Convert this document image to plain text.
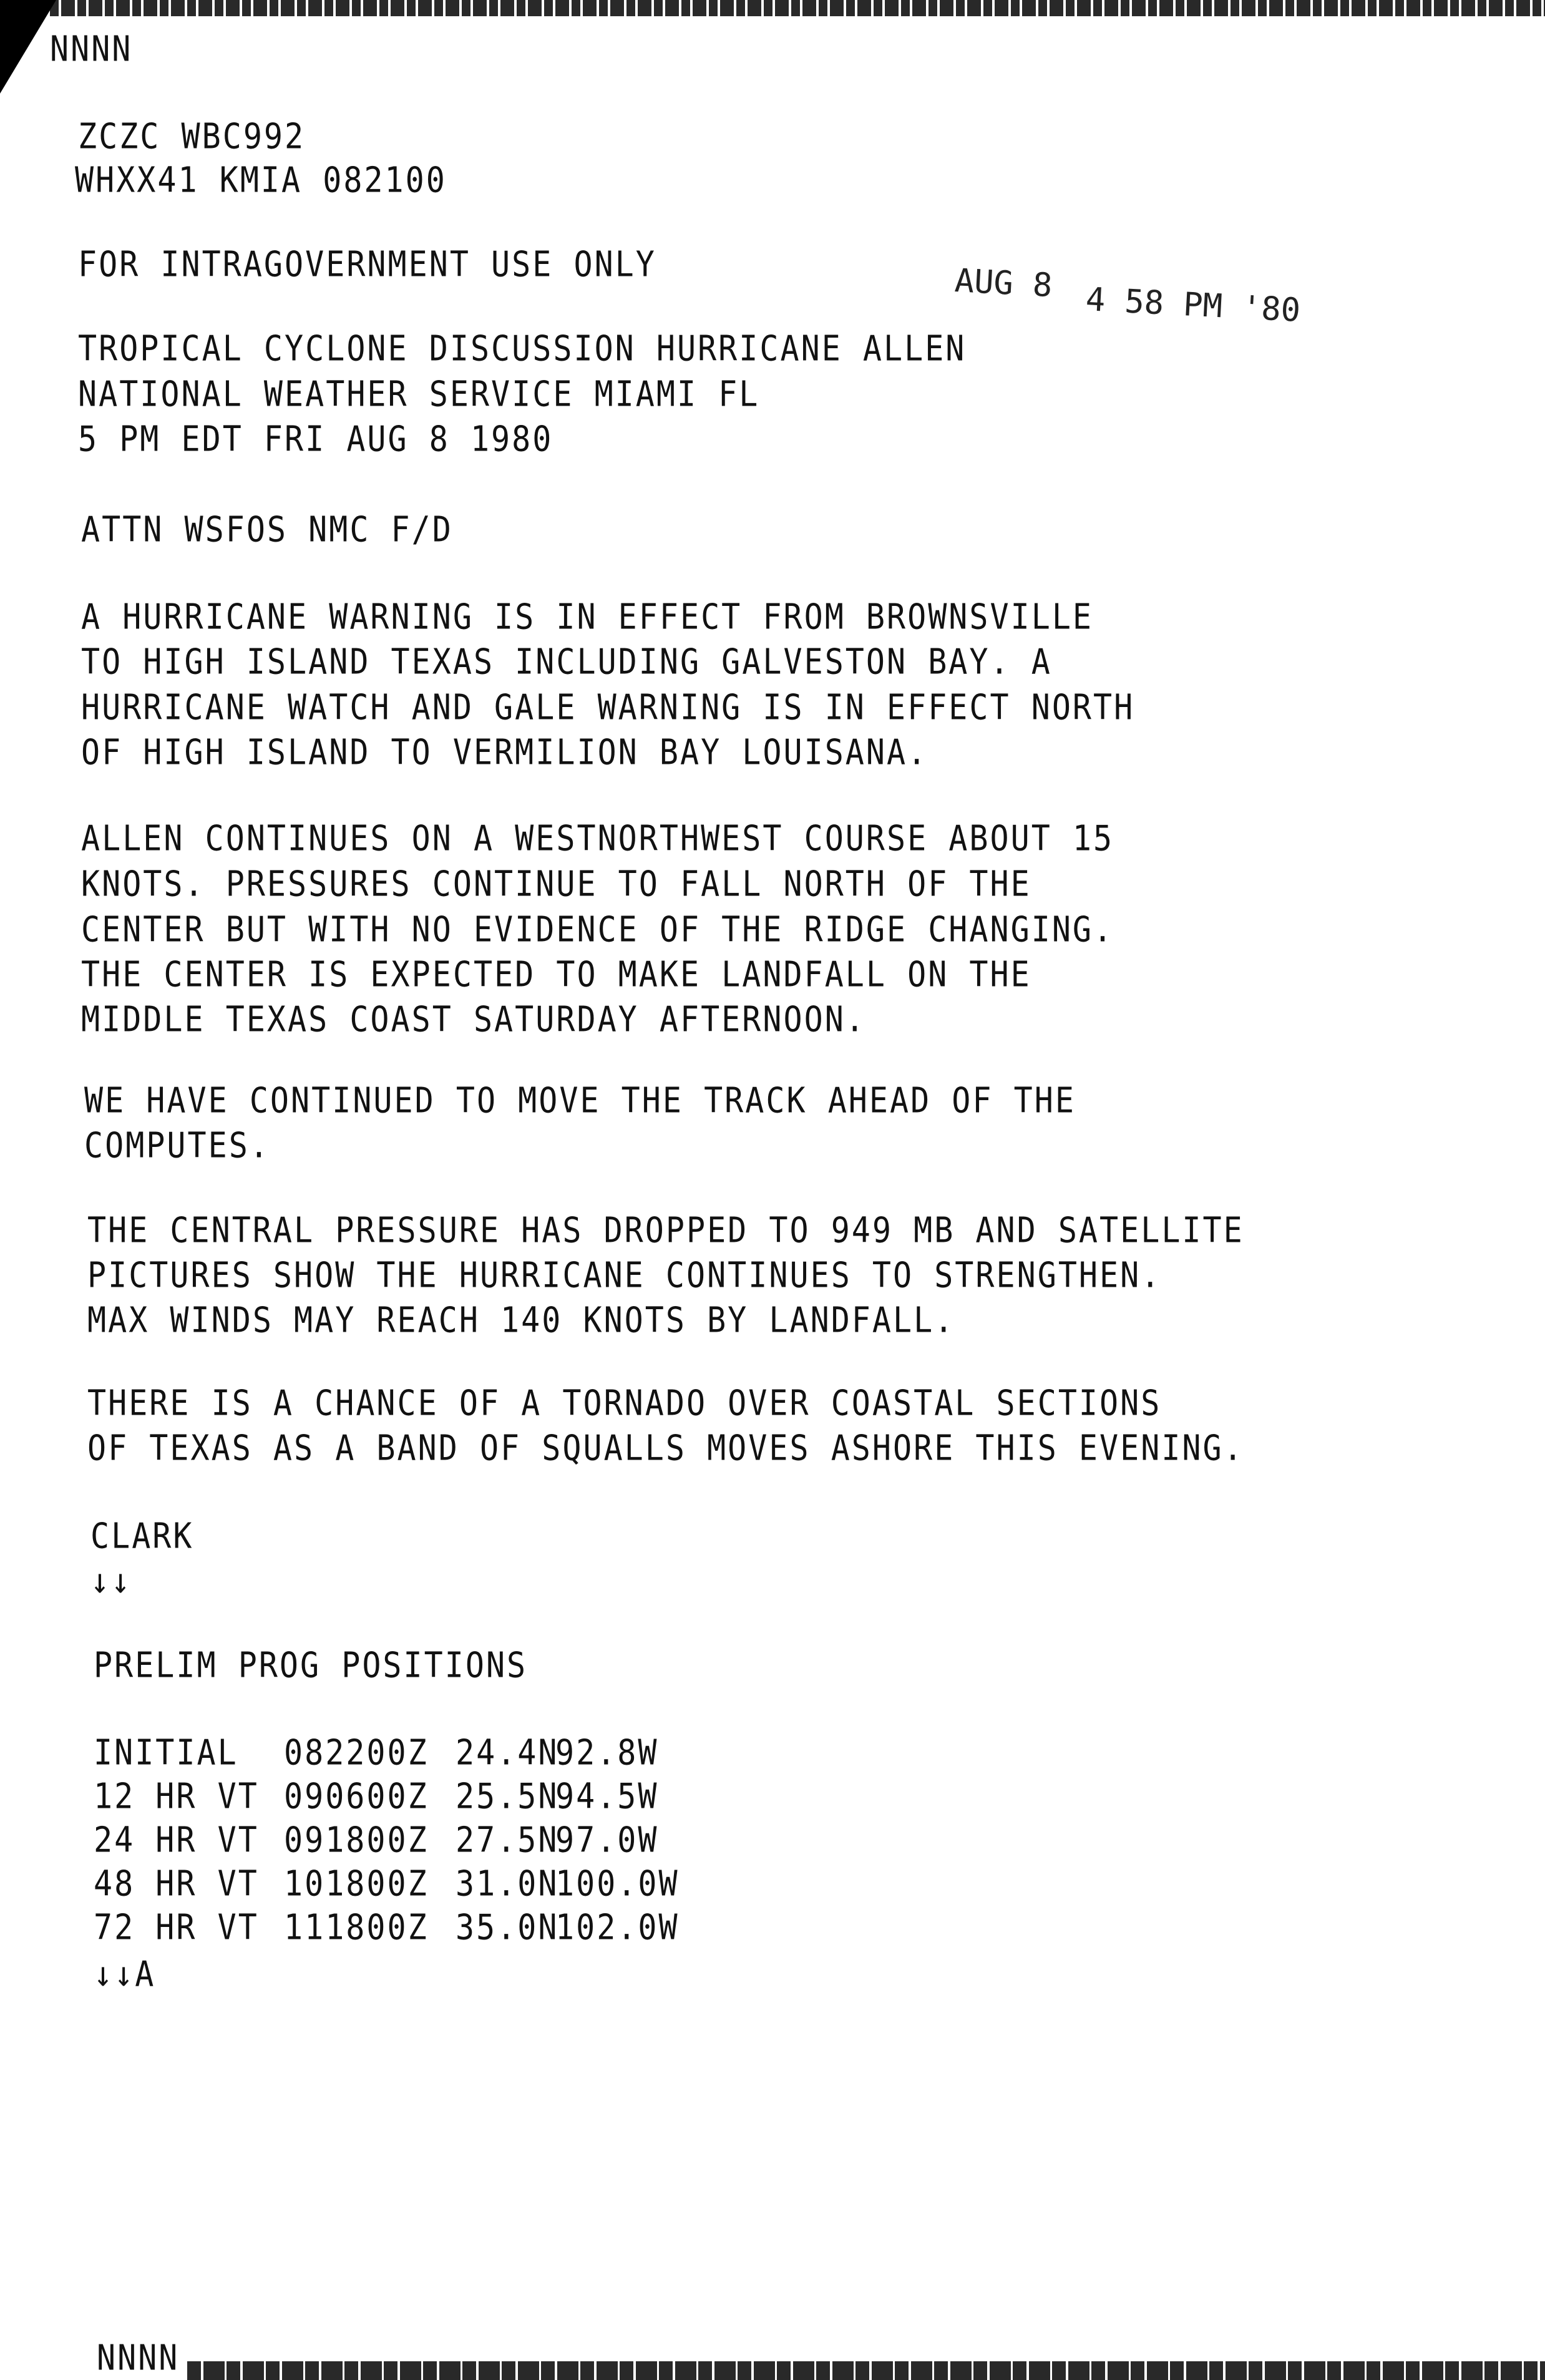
NNNN
ZCZC WBC992
WHXX41 KMIA 082100
FOR INTRAGOVERNMENT USE ONLY	AUG 8 4 58 PM '80
TROPICAL CYCLONE DISCUSSION HURRICANE ALLEN
NATIONAL WEATHER SERVICE MIAMI FL
5 PM EDT FRI AUG 8 1980
ATTN WSFOS NMC F/D
A HURRICANE WARNING IS IN EFFECT FROM BROWNSVILLE
TO HIGH ISLAND TEXAS INCLUDING GALVESTON BAY. A
HURRICANE WATCH AND GALE WARNING IS IN EFFECT NORTH
OF HIGH ISLAND TO VERMILION BAY LOUISANA.
ALLEN CONTINUES ON A WESTNORTHWEST COURSE ABOUT 15
KNOTS. PRESSURES CONTINUE TO FALL NORTH OF THE
CENTER BUT WITH NO EVIDENCE OF THE RIDGE CHANGING.
THE CENTER IS EXPECTED TO MAKE LANDFALL ON THE
MIDDLE TEXAS COAST SATURDAY AFTERNOON.
WE HAVE CONTINUED TO MOVE THE TRACK AHEAD OF THE
COMPUTES.
THE CENTRAL PRESSURE HAS DROPPED TO 949 MB AND SATELLITE
PICTURES SHOW THE HURRICANE CONTINUES TO STRENGTHEN.
MAX WINDS MAY REACH 140 KNOTS BY LANDFALL.
THERE IS A CHANCE OF A TORNADO OVER COASTAL SECTIONS
OF TEXAS AS A BAND OF SQUALLS MOVES ASHORE THIS EVENING.
CLARK
↓↓
PRELIM PROG POSITIONS
INITIAL 082200Z 24.4N
92.8W
12 HR VT 090600Z 25.5N
94.5W
24 HR VT 091800Z 27.5N
97.0W
48 HR VT 101800Z 31.0N
100.0W
72 HR VT 111800Z 35.0N
102.0W
↓↓A
NNNN
